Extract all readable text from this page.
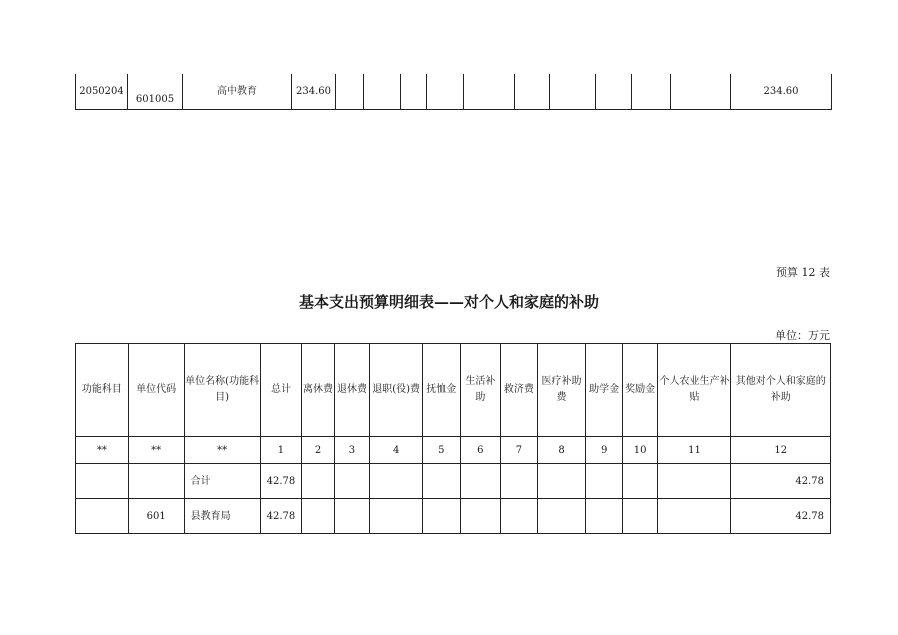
2050204	601005	高中教育	234.60											234.60
预算 12 表
基本支出预算明细表——对个人和家庭的补助
单位：万元
功能科目	单位代码	单位名称(功能科目)	总计	离休费	退休费	退职(役)费	抚恤金	生活补助	救济费	医疗补助费	助学金	奖励金	个人农业生产补贴	其他对个人和家庭的补助
**	**	**	1	2	3	4	5	6	7	8	9	10	11	12
		合计	42.78											42.78
	601	县教育局	42.78											42.78
